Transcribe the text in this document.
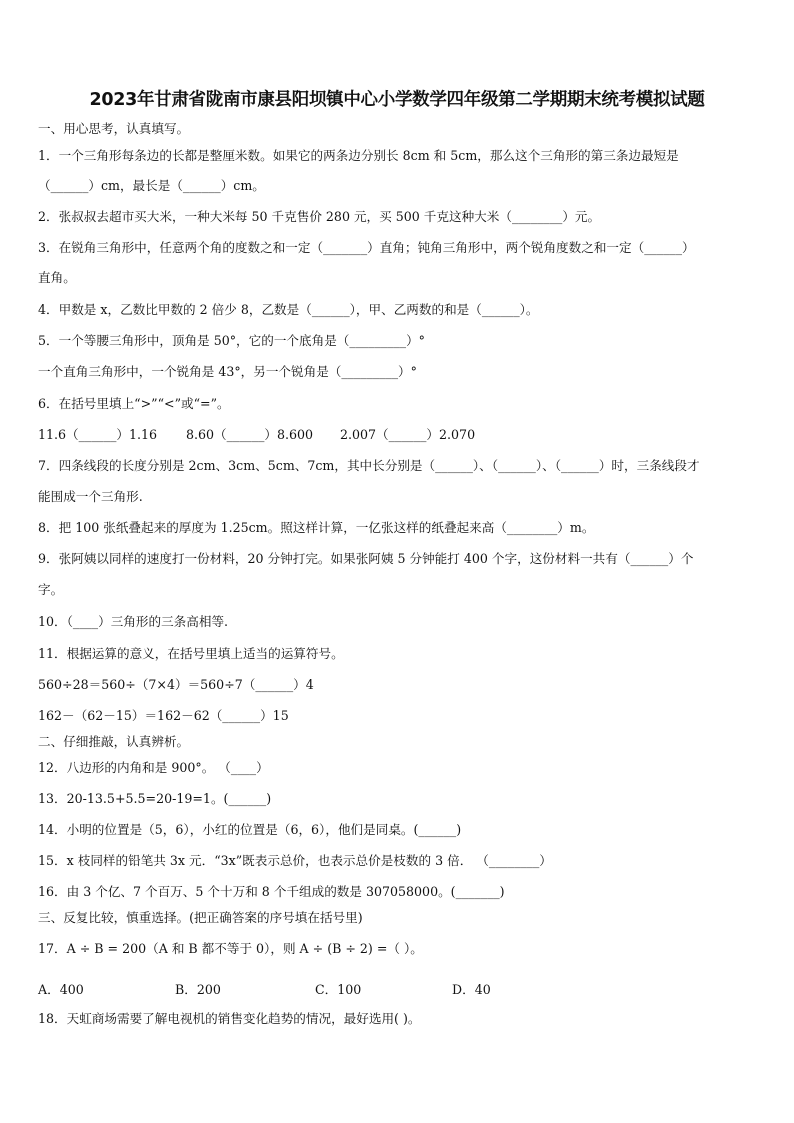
2023年甘肃省陇南市康县阳坝镇中心小学数学四年级第二学期期末统考模拟试题
一、用心思考，认真填写。
1．一个三角形每条边的长都是整厘米数。如果它的两条边分别长 8cm 和 5cm，那么这个三角形的第三条边最短是
（______）cm，最长是（______）cm。
2．张叔叔去超市买大米，一种大米每 50 千克售价 280 元，买 500 千克这种大米（________）元。
3．在锐角三角形中，任意两个角的度数之和一定（_______）直角；钝角三角形中，两个锐角度数之和一定（______）
直角。
4．甲数是 x，乙数比甲数的 2 倍少 8，乙数是（______），甲、乙两数的和是（______）。
5．一个等腰三角形中，顶角是 50°，它的一个底角是（_________）°
一个直角三角形中，一个锐角是 43°，另一个锐角是（_________）°
6．在括号里填上“>”“<”或“=”。
11.6（______）1.16 8.60（______）8.600 2.007（______）2.070
7．四条线段的长度分别是 2cm、3cm、5cm、7cm，其中长分别是（______）、（______）、（______）时，三条线段才
能围成一个三角形.
8．把 100 张纸叠起来的厚度为 1.25cm。照这样计算，一亿张这样的纸叠起来高（________）m。
9．张阿姨以同样的速度打一份材料，20 分钟打完。如果张阿姨 5 分钟能打 400 个字，这份材料一共有（______）个
字。
10．（____）三角形的三条高相等.
11．根据运算的意义，在括号里填上适当的运算符号。
560÷28＝560÷（7×4）＝560÷7（______）4
162－（62－15）＝162－62（______）15
二、仔细推敲，认真辨析。
12．八边形的内角和是 900°。 （____）
13．20-13.5+5.5=20-19=1。(______)
14．小明的位置是（5，6），小红的位置是（6，6），他们是同桌。(______)
15．x 枝同样的铅笔共 3x 元．“3x”既表示总价，也表示总价是枝数的 3 倍． （________）
16．由 3 个亿、7 个百万、5 个十万和 8 个千组成的数是 307058000。(_______)
三、反复比较，慎重选择。(把正确答案的序号填在括号里)
17．A ÷ B = 200（A 和 B 都不等于 0），则 A ÷ (B ÷ 2) =（ ）。
A．400	B．200	C．100	D．40
18．天虹商场需要了解电视机的销售变化趋势的情况，最好选用( )。
